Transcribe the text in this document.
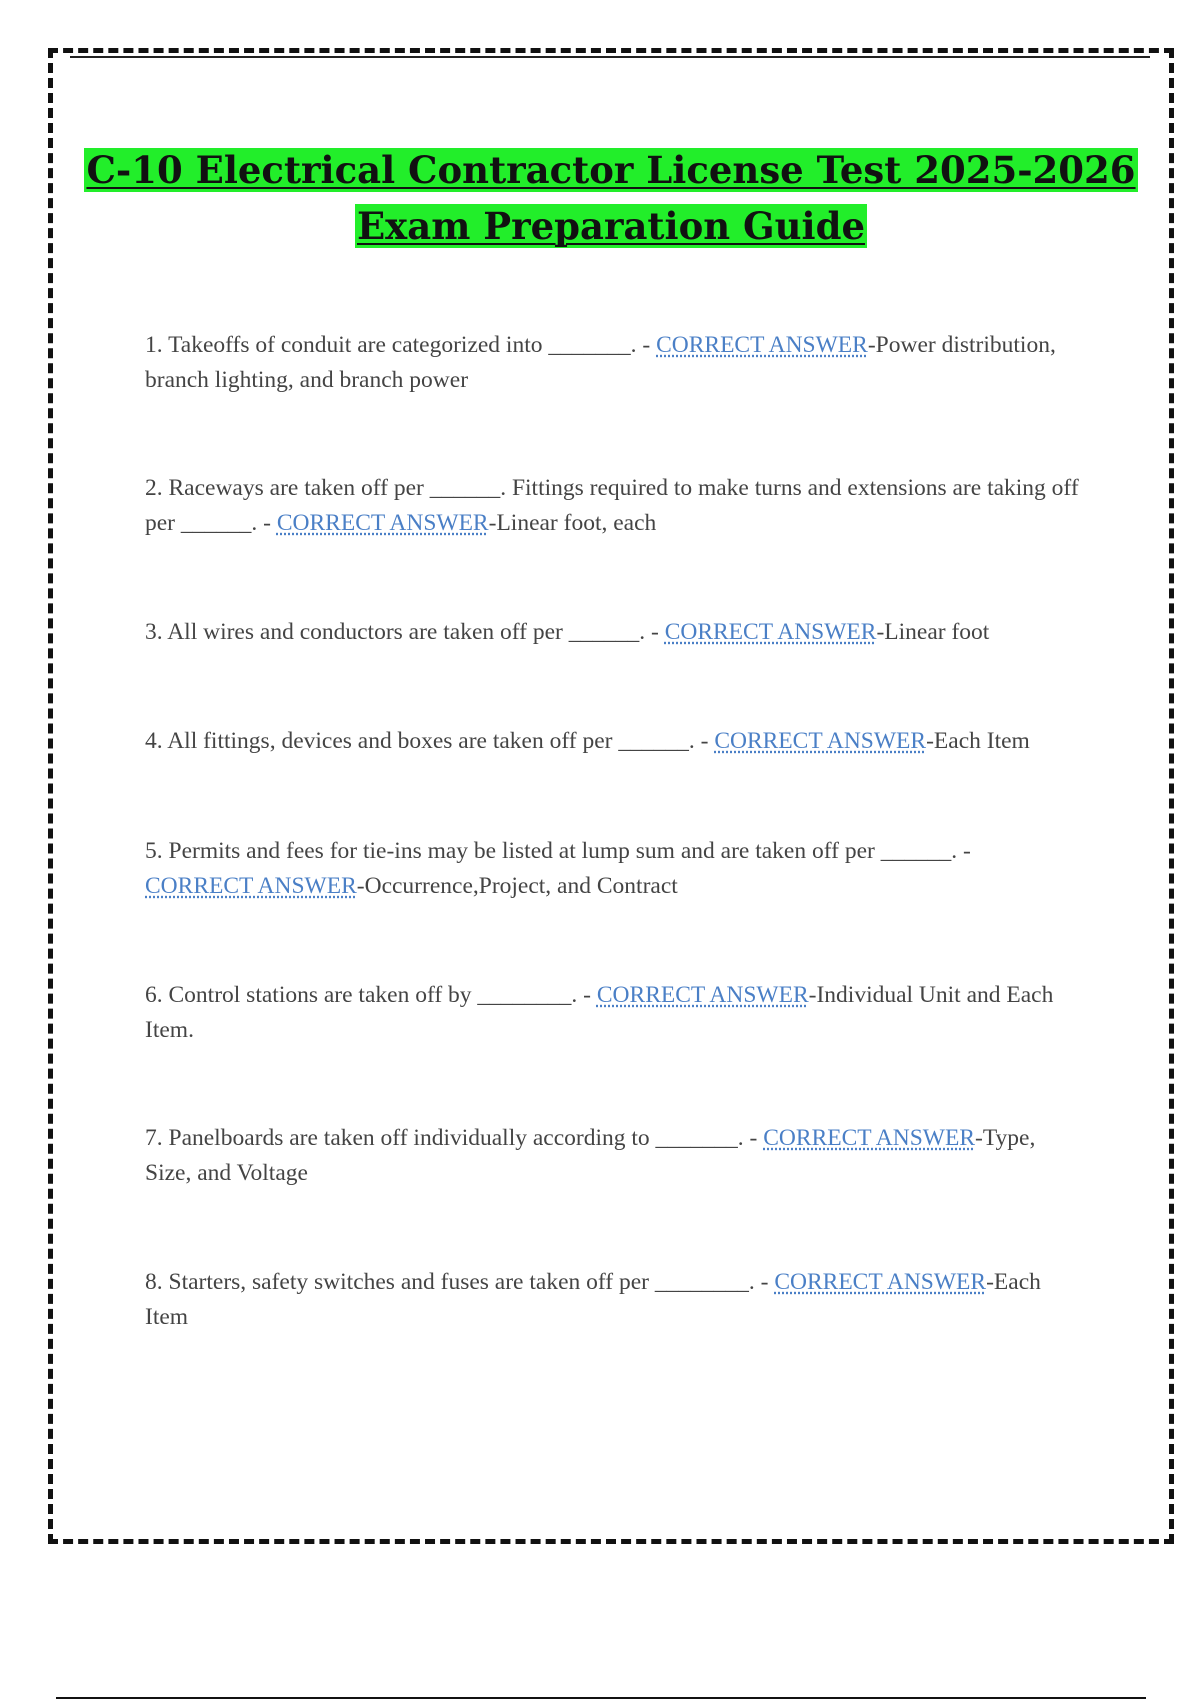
C-10 Electrical Contractor License Test 2025-2026
Exam Preparation Guide
1. Takeoffs of conduit are categorized into _______. - CORRECT ANSWER-Power distribution, branch lighting, and branch power
2. Raceways are taken off per ______. Fittings required to make turns and extensions are taking off per ______. - CORRECT ANSWER-Linear foot, each
3. All wires and conductors are taken off per ______. - CORRECT ANSWER-Linear foot
4. All fittings, devices and boxes are taken off per ______. - CORRECT ANSWER-Each Item
5. Permits and fees for tie-ins may be listed at lump sum and are taken off per ______. - CORRECT ANSWER-Occurrence,Project, and Contract
6. Control stations are taken off by ________. - CORRECT ANSWER-Individual Unit and Each Item.
7. Panelboards are taken off individually according to _______. - CORRECT ANSWER-Type, Size, and Voltage
8. Starters, safety switches and fuses are taken off per ________. - CORRECT ANSWER-Each Item
